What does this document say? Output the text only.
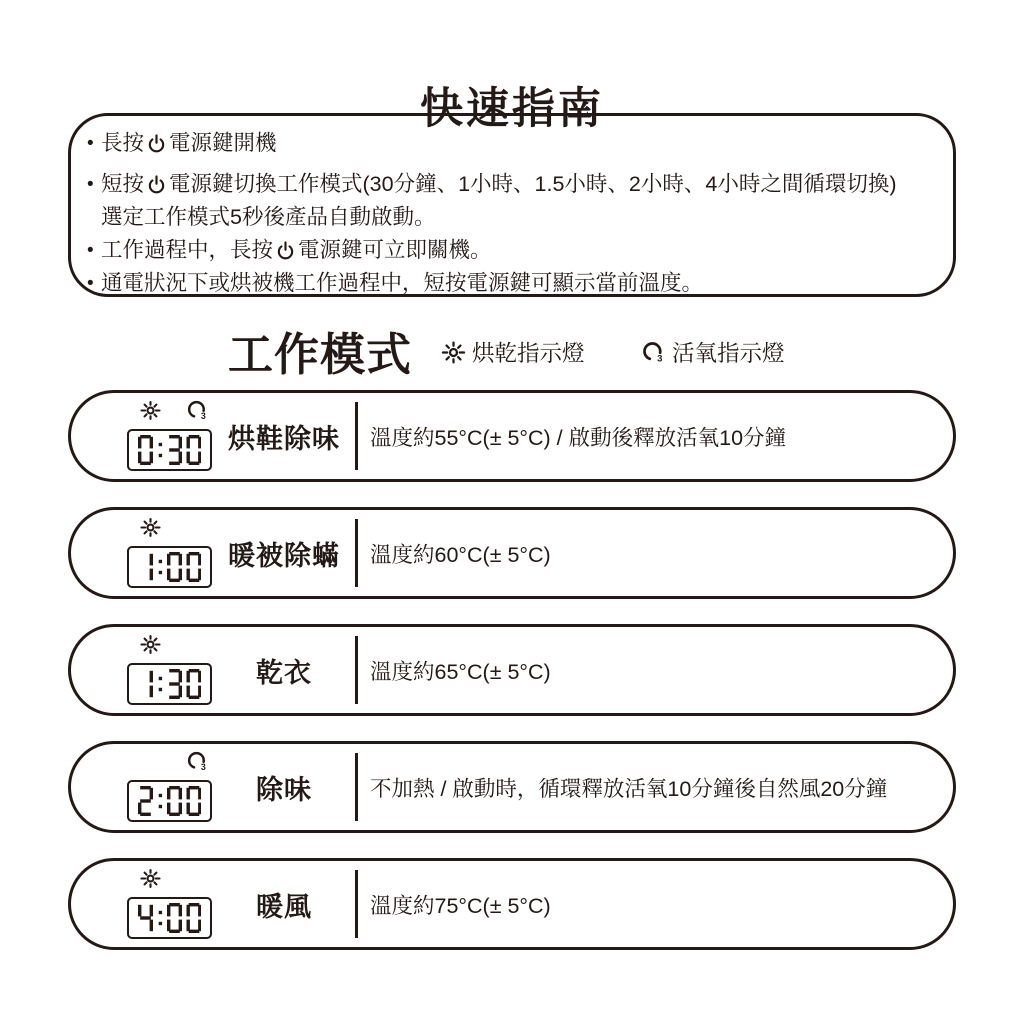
快速指南
• 長按 電源鍵開機
• 短按 電源鍵切換工作模式(30分鐘、1小時、1.5小時、2小時、4小時之間循環切換)
選定工作模式5秒後產品自動啟動。
• 工作過程中，長按 電源鍵可立即關機。
• 通電狀況下或烘被機工作過程中，短按電源鍵可顯示當前溫度。
工作模式	烘乾指示燈	3 活氧指示燈
3
烘鞋除味	溫度約55°C(± 5°C) / 啟動後釋放活氧10分鐘
暖被除蟎	溫度約60°C(± 5°C)
乾衣	溫度約65°C(± 5°C)
3
除味	不加熱 / 啟動時，循環釋放活氧10分鐘後自然風20分鐘
暖風	溫度約75°C(± 5°C)
